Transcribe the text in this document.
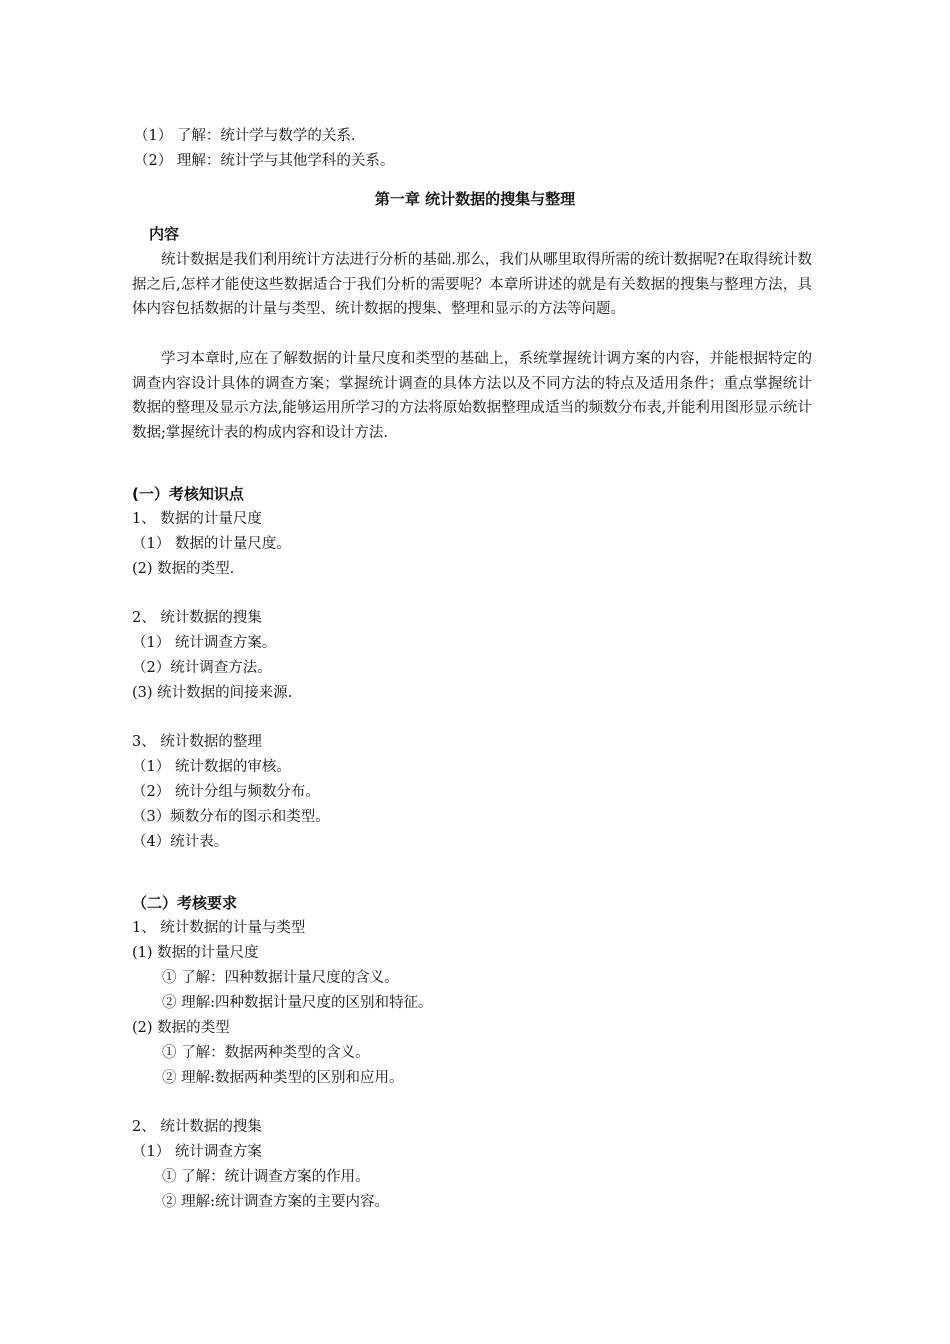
（1） 了解：统计学与数学的关系.
（2） 理解：统计学与其他学科的关系。
第一章 统计数据的搜集与整理
内容

统计数据是我们利用统计方法进行分析的基础.那么，我们从哪里取得所需的统计数据呢?在取得统计数据之后,怎样才能使这些数据适合于我们分析的需要呢？本章所讲述的就是有关数据的搜集与整理方法，具体内容包括数据的计量与类型、统计数据的搜集、整理和显示的方法等问题。

学习本章时,应在了解数据的计量尺度和类型的基础上，系统掌握统计调方案的内容，并能根据特定的调查内容设计具体的调查方案；掌握统计调查的具体方法以及不同方法的特点及适用条件；重点掌握统计数据的整理及显示方法,能够运用所学习的方法将原始数据整理成适当的频数分布表,并能利用图形显示统计数据;掌握统计表的构成内容和设计方法.

(一）考核知识点
1、 数据的计量尺度
（1） 数据的计量尺度。
(2) 数据的类型.
2、 统计数据的搜集
（1） 统计调查方案。
（2）统计调查方法。
(3) 统计数据的间接来源.
3、 统计数据的整理
（1） 统计数据的审核。
（2） 统计分组与频数分布。
（3）频数分布的图示和类型。
（4）统计表。
（二）考核要求
1、 统计数据的计量与类型
(1) 数据的计量尺度
① 了解：四种数据计量尺度的含义。
② 理解:四种数据计量尺度的区别和特征。
(2) 数据的类型
① 了解：数据两种类型的含义。
② 理解:数据两种类型的区别和应用。
2、 统计数据的搜集
（1） 统计调查方案
① 了解：统计调查方案的作用。
② 理解:统计调查方案的主要内容。
